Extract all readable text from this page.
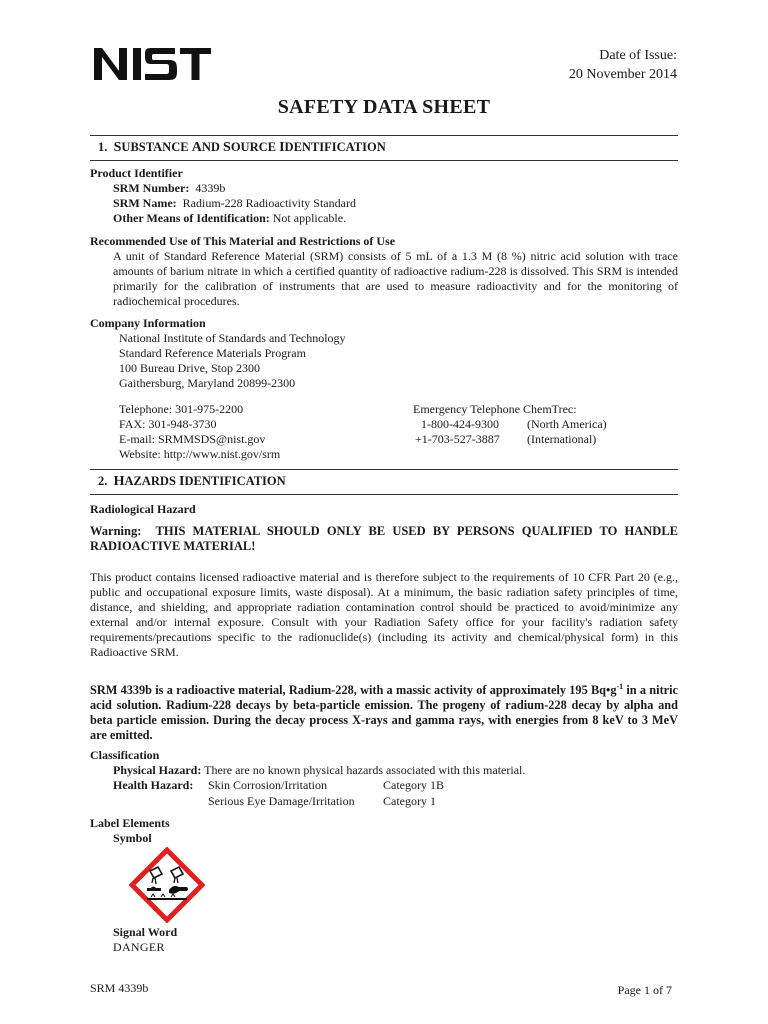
Date of Issue:
20 November 2014
SAFETY DATA SHEET
1. SUBSTANCE AND SOURCE IDENTIFICATION
Product Identifier
SRM Number: 4339b
SRM Name: Radium-228 Radioactivity Standard
Other Means of Identification: Not applicable.
Recommended Use of This Material and Restrictions of Use
A unit of Standard Reference Material (SRM) consists of 5 mL of a 1.3 M (8 %) nitric acid solution with trace amounts of barium nitrate in which a certified quantity of radioactive radium-228 is dissolved. This SRM is intended primarily for the calibration of instruments that are used to measure radioactivity and for the monitoring of radiochemical procedures.
Company Information
National Institute of Standards and Technology
Standard Reference Materials Program
100 Bureau Drive, Stop 2300
Gaithersburg, Maryland 20899-2300
Telephone: 301-975-2200
FAX: 301-948-3730
E-mail: SRMMSDS@nist.gov
Website: http://www.nist.gov/srm
Emergency Telephone ChemTrec:
1-800-424-9300	(North America)
+1-703-527-3887	(International)
2. HAZARDS IDENTIFICATION
Radiological Hazard
Warning: THIS MATERIAL SHOULD ONLY BE USED BY PERSONS QUALIFIED TO HANDLE RADIOACTIVE MATERIAL!
This product contains licensed radioactive material and is therefore subject to the requirements of 10 CFR Part 20 (e.g., public and occupational exposure limits, waste disposal). At a minimum, the basic radiation safety principles of time, distance, and shielding, and appropriate radiation contamination control should be practiced to avoid/minimize any external and/or internal exposure. Consult with your Radiation Safety office for your facility's radiation safety requirements/precautions specific to the radionuclide(s) (including its activity and chemical/physical form) in this Radioactive SRM.
SRM 4339b is a radioactive material, Radium-228, with a massic activity of approximately 195 $Bq•g^{-1}$ in a nitric acid solution. Radium-228 decays by beta-particle emission. The progeny of radium-228 decay by alpha and beta particle emission. During the decay process X-rays and gamma rays, with energies from 8 keV to 3 MeV are emitted.
Classification
Physical Hazard: There are no known physical hazards associated with this material.
Health Hazard: Skin Corrosion/Irritation	Category 1B
Serious Eye Damage/Irritation Category 1
Label Elements
Symbol
Signal Word
DANGER
SRM 4339b	Page 1 of 7
